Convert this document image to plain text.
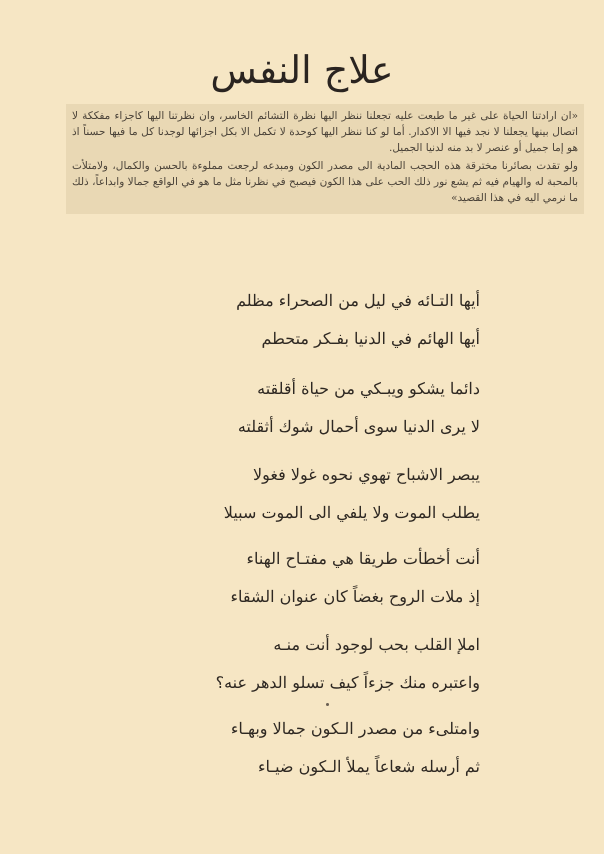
علاج النفس

«ان ارادتنا الحياة على غير ما طبعت عليه تجعلنا ننظر اليها نظرة التشائم الخاسر، وان نظرتنا اليها كاجزاء مفككة لا اتصال بينها يجعلنا لا نجد فيها الا الاكدار. أما لو كنا ننظر اليها كوحدة لا تكمل الا بكل اجزائها لوجدنا كل ما فيها حسناً اذ هو إما جميل أو عنصر لا بد منه لدنيا الجميل.

ولو تقدت بصائرنا مخترقة هذه الحجب المادية الى مصدر الكون ومبدعه لرجعت مملوءة بالحسن والكمال، ولامتلأت بالمحبة له والهيام فيه ثم يشع نور ذلك الحب على هذا الكون فيصبح في نظرنا مثل ما هو في الواقع جمالا وابداعاً، ذلك ما نرمي اليه في هذا القصيد»

أيها التـائه في ليل من الصحراء مظلم
أيها الهائم في الدنيا بفـكر متحطم
دائما يشكو ويبـكي من حياة أقلقته
لا يرى الدنيا سوى أحمال شوك أثقلته
يبصر الاشباح تهوي نحوه غولا فغولا
يطلب الموت ولا يلفي الى الموت سبيلا
أنت أخطأت طريقا هي مفتـاح الهناء
إذ ملات الروح بغضاً كان عنوان الشقاء
املإ القلب بحب لوجود أنت منـه
واعتبره منك جزءاً كيف تسلو الدهر عنه؟
وامتلىء من مصدر الـكون جمالا وبهـاء
ثم أرسله شعاعاً يملأ الـكون ضيـاء
